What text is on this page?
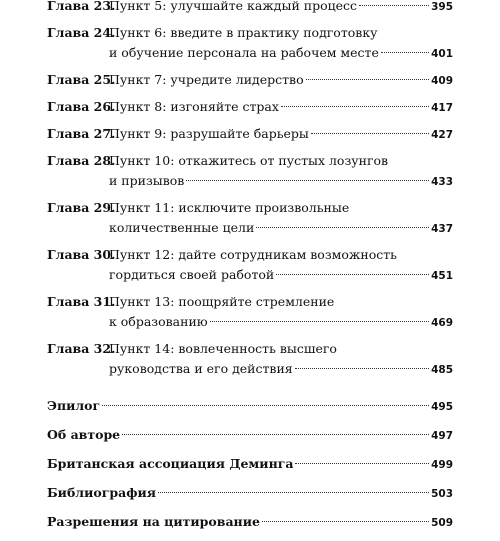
Глава 23.
Пункт 5: улучшайте каждый процесс	395
Глава 24.
Пункт 6: введите в практику подготовку
и обучение персонала на рабочем месте	401
Глава 25.
Пункт 7: учредите лидерство	409
Глава 26.
Пункт 8: изгоняйте страх	417
Глава 27.
Пункт 9: разрушайте барьеры	427
Глава 28.
Пункт 10: откажитесь от пустых лозунгов
и призывов	433
Глава 29.
Пункт 11: исключите произвольные
количественные цели	437
Глава 30.
Пункт 12: дайте сотрудникам возможность
гордиться своей работой	451
Глава 31.
Пункт 13: поощряйте стремление
к образованию	469
Глава 32.
Пункт 14: вовлеченность высшего
руководства и его действия	485
Эпилог	495
Об авторе	497
Британская ассоциация Деминга	499
Библиография	503
Разрешения на цитирование	509
